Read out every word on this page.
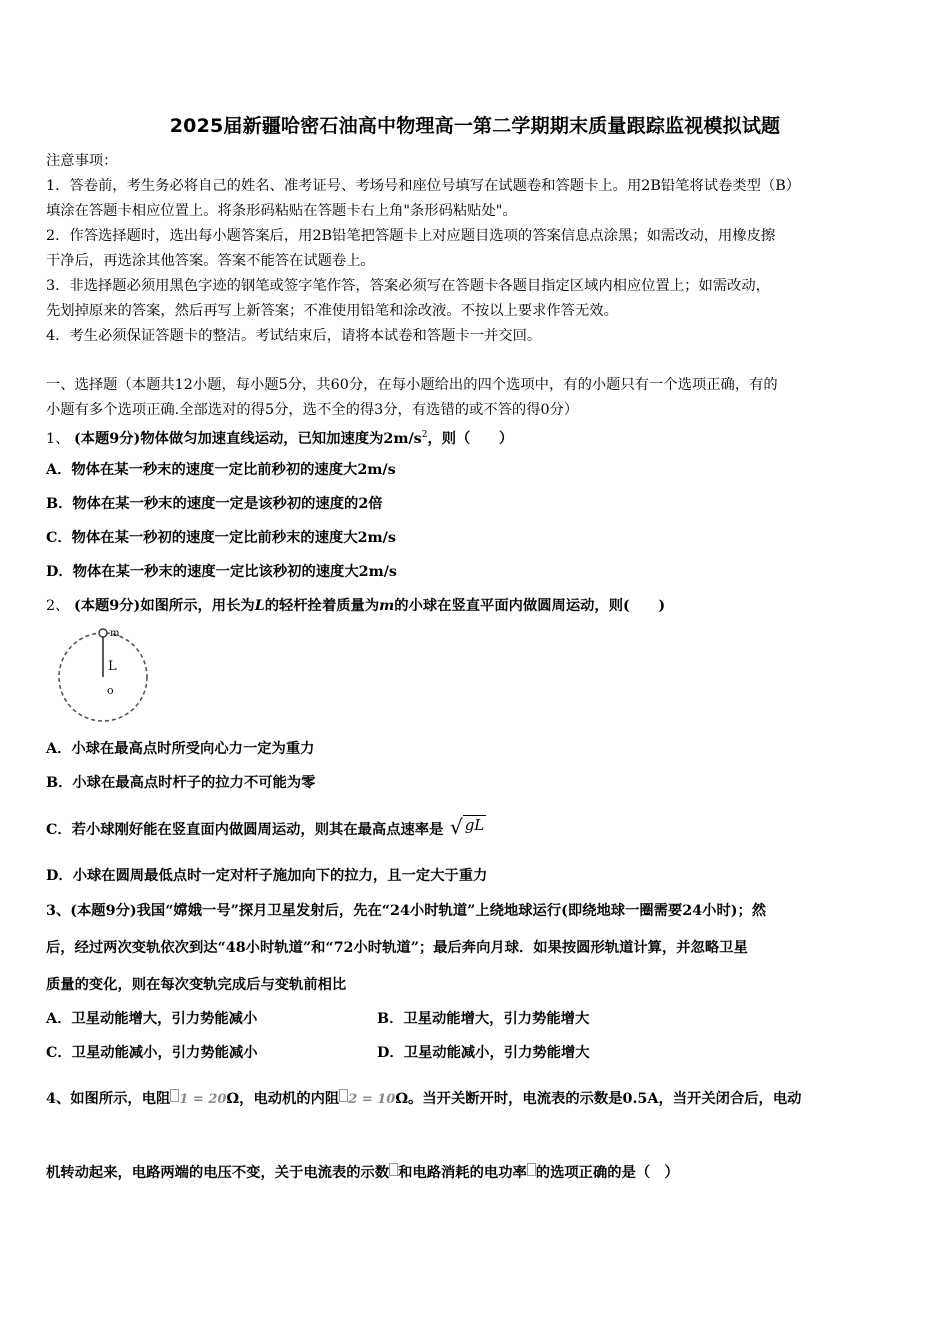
2025届新疆哈密石油高中物理高一第二学期期末质量跟踪监视模拟试题
注意事项：
1．答卷前，考生务必将自己的姓名、准考证号、考场号和座位号填写在试题卷和答题卡上。用2B铅笔将试卷类型（B）
填涂在答题卡相应位置上。将条形码粘贴在答题卡右上角"条形码粘贴处"。
2．作答选择题时，选出每小题答案后，用2B铅笔把答题卡上对应题目选项的答案信息点涂黑；如需改动，用橡皮擦
干净后，再选涂其他答案。答案不能答在试题卷上。
3．非选择题必须用黑色字迹的钢笔或签字笔作答，答案必须写在答题卡各题目指定区域内相应位置上；如需改动，
先划掉原来的答案，然后再写上新答案；不准使用铅笔和涂改液。不按以上要求作答无效。
4．考生必须保证答题卡的整洁。考试结束后，请将本试卷和答题卡一并交回。
一、选择题（本题共12小题，每小题5分，共60分，在每小题给出的四个选项中，有的小题只有一个选项正确，有的
小题有多个选项正确.全部选对的得5分，选不全的得3分，有选错的或不答的得0分）
1、 (本题9分)物体做匀加速直线运动，已知加速度为$2m/s^2$，则（　　）
A．物体在某一秒末的速度一定比前秒初的速度大2m/s
B．物体在某一秒末的速度一定是该秒初的速度的2倍
C．物体在某一秒初的速度一定比前秒末的速度大2m/s
D．物体在某一秒末的速度一定比该秒初的速度大2m/s
2、 (本题9分)如图所示，用长为L的轻杆拴着质量为m的小球在竖直平面内做圆周运动，则(　　)
m
L
o
A．小球在最高点时所受向心力一定为重力
B．小球在最高点时杆子的拉力不可能为零
C．若小球刚好能在竖直面内做圆周运动，则其在最高点速率是 √ gL
D．小球在圆周最低点时一定对杆子施加向下的拉力，且一定大于重力
3、(本题9分)我国“嫦娥一号”探月卫星发射后，先在“24小时轨道”上绕地球运行(即绕地球一圈需要24小时)；然
后，经过两次变轨依次到达“48小时轨道”和“72小时轨道”；最后奔向月球．如果按圆形轨道计算，并忽略卫星
质量的变化，则在每次变轨完成后与变轨前相比
A．卫星动能增大，引力势能减小	B．卫星动能增大，引力势能增大
C．卫星动能减小，引力势能减小	D．卫星动能减小，引力势能增大
4、如图所示，电阻 1 = 20Ω，电动机的内阻 2 = 10Ω。当开关断开时，电流表的示数是0.5A，当开关闭合后，电动
机转动起来，电路两端的电压不变，关于电流表的示数 和电路消耗的电功率 的选项正确的是（　）
